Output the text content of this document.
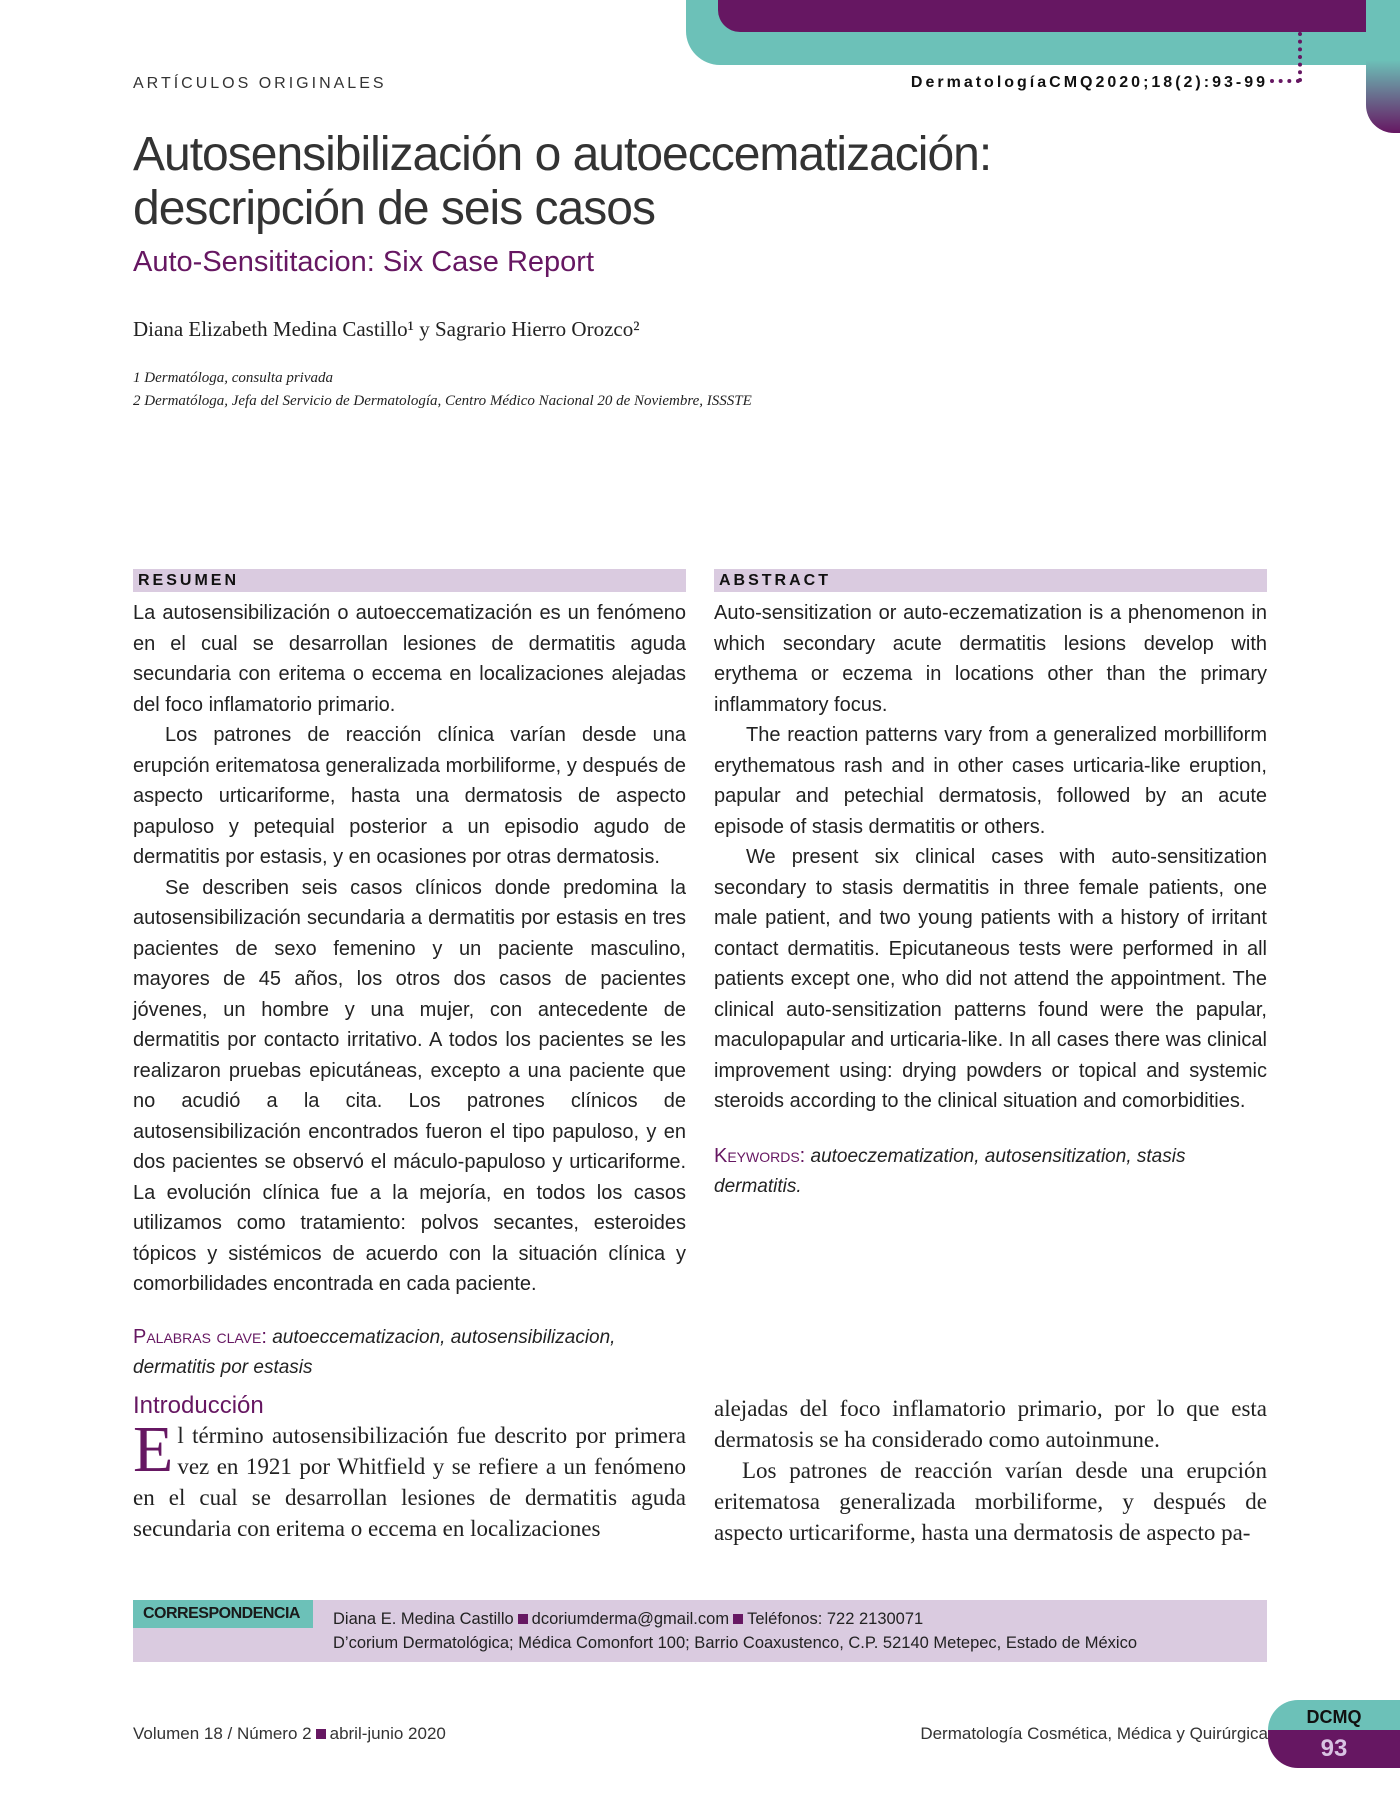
ARTÍCULOS ORIGINALES	DermatologíaCMQ2020;18(2):93-99
Autosensibilización o autoeccematización:
descripción de seis casos
Auto-Sensititacion: Six Case Report
Diana Elizabeth Medina Castillo¹ y Sagrario Hierro Orozco²
1 Dermatóloga, consulta privada
2 Dermatóloga, Jefa del Servicio de Dermatología, Centro Médico Nacional 20 de Noviembre, ISSSTE
RESUMEN

La autosensibilización o autoeccematización es un fenómeno en el cual se desarrollan lesiones de dermatitis aguda secundaria con eritema o eccema en localizaciones alejadas del foco inflamatorio primario.

Los patrones de reacción clínica varían desde una erupción eritematosa generalizada morbiliforme, y después de aspecto urticariforme, hasta una dermatosis de aspecto papuloso y petequial posterior a un episodio agudo de dermatitis por estasis, y en ocasiones por otras dermatosis.

Se describen seis casos clínicos donde predomina la autosensibilización secundaria a dermatitis por estasis en tres pacientes de sexo femenino y un paciente masculino, mayores de 45 años, los otros dos casos de pacientes jóvenes, un hombre y una mujer, con antecedente de dermatitis por contacto irritativo. A todos los pacientes se les realizaron pruebas epicutáneas, excepto a una paciente que no acudió a la cita. Los patrones clínicos de autosensibilización encontrados fueron el tipo papuloso, y en dos pacientes se observó el máculo-papuloso y urticariforme. La evolución clínica fue a la mejoría, en todos los casos utilizamos como tratamiento: polvos secantes, esteroides tópicos y sistémicos de acuerdo con la situación clínica y comorbilidades encontrada en cada paciente.

Palabras clave: autoeccematizacion, autosensibilizacion, dermatitis por estasis
ABSTRACT

Auto-sensitization or auto-eczematization is a phenomenon in which secondary acute dermatitis lesions develop with erythema or eczema in locations other than the primary inflammatory focus.

The reaction patterns vary from a generalized morbilliform erythematous rash and in other cases urticaria-like eruption, papular and petechial dermatosis, followed by an acute episode of stasis dermatitis or others.

We present six clinical cases with auto-sensitization secondary to stasis dermatitis in three female patients, one male patient, and two young patients with a history of irritant contact dermatitis. Epicutaneous tests were performed in all patients except one, who did not attend the appointment. The clinical auto-sensitization patterns found were the papular, maculopapular and urticaria-like. In all cases there was clinical improvement using: drying powders or topical and systemic steroids according to the clinical situation and comorbidities.

Keywords: autoeczematization, autosensitization, stasis dermatitis.
Introducción
El término autosensibilización fue descrito por primera vez en 1921 por Whitfield y se refiere a un fenómeno en el cual se desarrollan lesiones de dermatitis aguda secundaria con eritema o eccema en localizaciones

alejadas del foco inflamatorio primario, por lo que esta dermatosis se ha considerado como autoinmune.

Los patrones de reacción varían desde una erupción eritematosa generalizada morbiliforme, y después de aspecto urticariforme, hasta una dermatosis de aspecto pa-

CORRESPONDENCIA	Diana E. Medina Castillo dcoriumderma@gmail.com Teléfonos: 722 2130071
D’corium Dermatológica; Médica Comonfort 100; Barrio Coaxustenco, C.P. 52140 Metepec, Estado de México
Volumen 18 / Número 2 abril-junio 2020	Dermatología Cosmética, Médica y Quirúrgica
DCMQ
93
